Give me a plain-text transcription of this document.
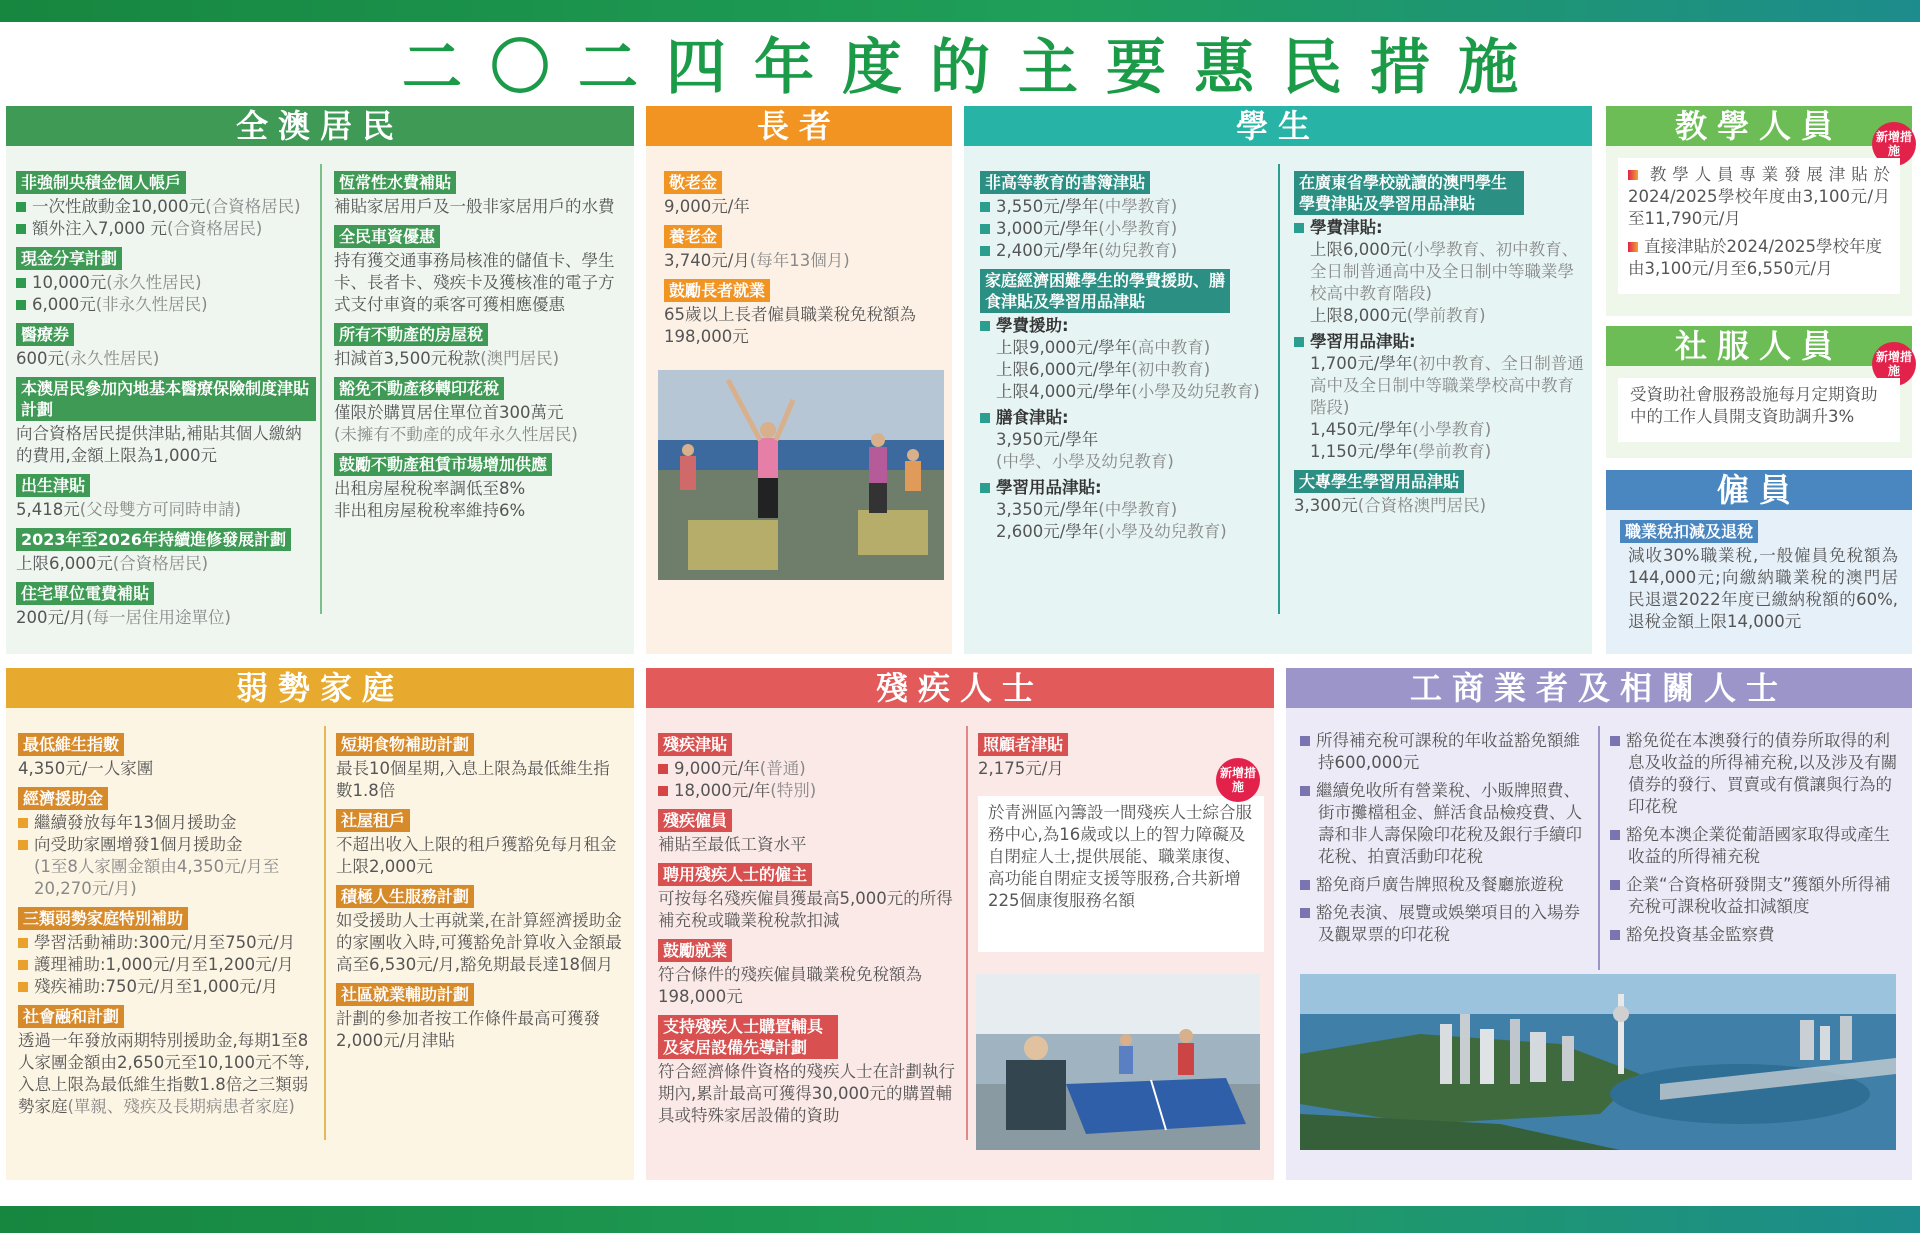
二〇二四年度的主要惠民措施
全澳居民
非強制央積金個人帳戶
一次性啟動金10,000元(合資格居民)
額外注入7,000 元(合資格居民)
現金分享計劃
10,000元(永久性居民)
6,000元(非永久性居民)
醫療券
600元(永久性居民)
本澳居民參加內地基本醫療保險制度津貼計劃
向合資格居民提供津貼,補貼其個人繳納的費用,金額上限為1,000元
出生津貼
5,418元(父母雙方可同時申請)
2023年至2026年持續進修發展計劃
上限6,000元(合資格居民)
住宅單位電費補貼
200元/月(每一居住用途單位)
恆常性水費補貼
補貼家居用戶及一般非家居用戶的水費
全民車資優惠
持有獲交通事務局核准的儲值卡、學生卡、長者卡、殘疾卡及獲核准的電子方式支付車資的乘客可獲相應優惠
所有不動產的房屋稅
扣減首3,500元稅款(澳門居民)
豁免不動產移轉印花稅
僅限於購買居住單位首300萬元
(未擁有不動產的成年永久性居民)
鼓勵不動產租賃市場增加供應
出租房屋稅稅率調低至8%
非出租房屋稅稅率維持6%
長者
敬老金
9,000元/年
養老金
3,740元/月(每年13個月)
鼓勵長者就業
65歲以上長者僱員職業稅免稅額為198,000元
學生
非高等教育的書簿津貼
3,550元/學年(中學教育)
3,000元/學年(小學教育)
2,400元/學年(幼兒教育)
家庭經濟困難學生的學費援助、膳食津貼及學習用品津貼
學費援助:
上限9,000元/學年(高中教育)
上限6,000元/學年(初中教育)
上限4,000元/學年(小學及幼兒教育)
膳食津貼:
3,950元/學年
(中學、小學及幼兒教育)
學習用品津貼:
3,350元/學年(中學教育)
2,600元/學年(小學及幼兒教育)
在廣東省學校就讀的澳門學生學費津貼及學習用品津貼
學費津貼:
上限6,000元(小學教育、初中教育、全日制普通高中及全日制中等職業學校高中教育階段)
上限8,000元(學前教育)
學習用品津貼:
1,700元/學年(初中教育、全日制普通高中及全日制中等職業學校高中教育階段)
1,450元/學年(小學教育)
1,150元/學年(學前教育)
大專學生學習用品津貼
3,300元(合資格澳門居民)
教學人員	新增措施
教學人員專業發展津貼於2024/2025學校年度由3,100元/月至11,790元/月
直接津貼於2024/2025學校年度由3,100元/月至6,550元/月
社服人員	新增措施
受資助社會服務設施每月定期資助中的工作人員開支資助調升3%
僱員
職業稅扣減及退稅
減收30%職業稅,一般僱員免稅額為144,000元;向繳納職業稅的澳門居民退還2022年度已繳納稅額的60%,退稅金額上限14,000元
弱勢家庭
最低維生指數
4,350元/一人家團
經濟援助金
繼續發放每年13個月援助金
向受助家團增發1個月援助金
(1至8人家團金額由4,350元/月至20,270元/月)
三類弱勢家庭特別補助
學習活動補助:300元/月至750元/月
護理補助:1,000元/月至1,200元/月
殘疾補助:750元/月至1,000元/月
社會融和計劃
透過一年發放兩期特別援助金,每期1至8人家團金額由2,650元至10,100元不等,入息上限為最低維生指數1.8倍之三類弱勢家庭(單親、殘疾及長期病患者家庭)
短期食物補助計劃
最長10個星期,入息上限為最低維生指數1.8倍
社屋租戶
不超出收入上限的租戶獲豁免每月租金上限2,000元
積極人生服務計劃
如受援助人士再就業,在計算經濟援助金的家團收入時,可獲豁免計算收入金額最高至6,530元/月,豁免期最長達18個月
社區就業輔助計劃
計劃的參加者按工作條件最高可獲發2,000元/月津貼
殘疾人士
殘疾津貼
9,000元/年(普通)
18,000元/年(特別)
殘疾僱員
補貼至最低工資水平
聘用殘疾人士的僱主
可按每名殘疾僱員獲最高5,000元的所得補充稅或職業稅稅款扣減
鼓勵就業
符合條件的殘疾僱員職業稅免稅額為198,000元
支持殘疾人士購置輔具及家居設備先導計劃
符合經濟條件資格的殘疾人士在計劃執行期內,累計最高可獲得30,000元的購置輔具或特殊家居設備的資助
照顧者津貼
2,175元/月
於青洲區內籌設一間殘疾人士綜合服務中心,為16歲或以上的智力障礙及自閉症人士,提供展能、職業康復、高功能自閉症支援等服務,合共新增225個康復服務名額
新增措施
工商業者及相關人士
所得補充稅可課稅的年收益豁免額維持600,000元
繼續免收所有營業稅、小販牌照費、街市攤檔租金、鮮活食品檢疫費、人壽和非人壽保險印花稅及銀行手續印花稅、拍賣活動印花稅
豁免商戶廣告牌照稅及餐廳旅遊稅
豁免表演、展覽或娛樂項目的入場券及觀眾票的印花稅
豁免從在本澳發行的債券所取得的利息及收益的所得補充稅,以及涉及有關債券的發行、買賣或有償讓與行為的印花稅
豁免本澳企業從葡語國家取得或產生收益的所得補充稅
企業“合資格研發開支”獲額外所得補充稅可課稅收益扣減額度
豁免投資基金監察費
